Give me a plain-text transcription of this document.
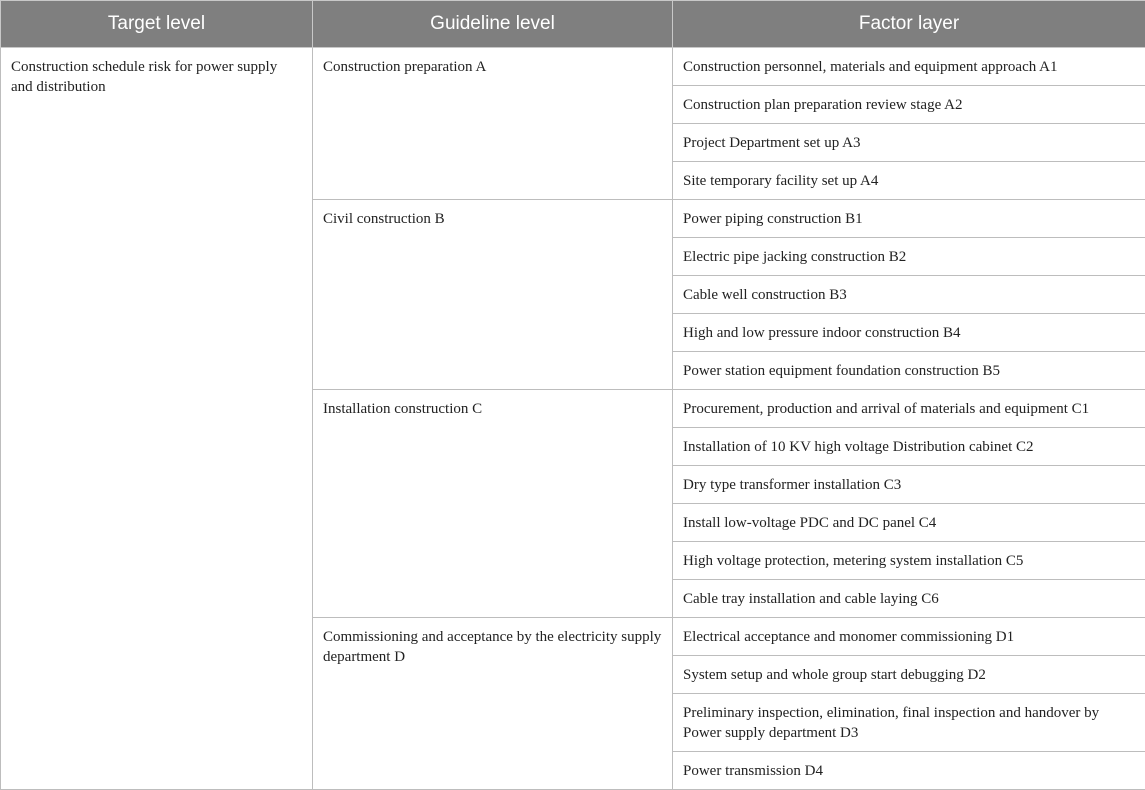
Target level	Guideline level	Factor layer
Construction schedule risk for power supply and distribution	Construction preparation A	Construction personnel, materials and equipment approach A1
		Construction plan preparation review stage A2
		Project Department set up A3
		Site temporary facility set up A4
	Civil construction B	Power piping construction B1
		Electric pipe jacking construction B2
		Cable well construction B3
		High and low pressure indoor construction B4
		Power station equipment foundation construction B5
	Installation construction C	Procurement, production and arrival of materials and equipment C1
		Installation of 10 KV high voltage Distribution cabinet C2
		Dry type transformer installation C3
		Install low-voltage PDC and DC panel C4
		High voltage protection, metering system installation C5
		Cable tray installation and cable laying C6
	Commissioning and acceptance by the electricity supply department D	Electrical acceptance and monomer commissioning D1
		System setup and whole group start debugging D2
		Preliminary inspection, elimination, final inspection and handover by Power supply department D3
		Power transmission D4
